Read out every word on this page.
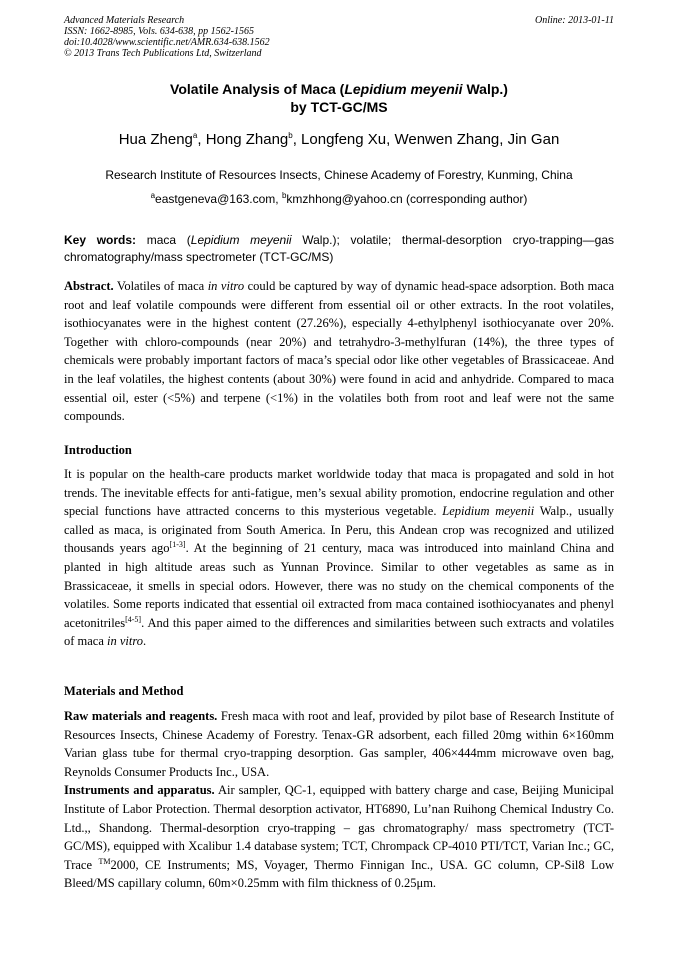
Advanced Materials Research
ISSN: 1662-8985, Vols. 634-638, pp 1562-1565
doi:10.4028/www.scientific.net/AMR.634-638.1562
© 2013 Trans Tech Publications Ltd, Switzerland
Online: 2013-01-11
Volatile Analysis of Maca (Lepidium meyenii Walp.)
by TCT-GC/MS
Hua Zheng$^a$, Hong Zhang$^b$, Longfeng Xu, Wenwen Zhang, Jin Gan
Research Institute of Resources Insects, Chinese Academy of Forestry, Kunming, China
$^a$eastgeneva@163.com, $^b$kmzhhong@yahoo.cn (corresponding author)
Key words: maca (Lepidium meyenii Walp.); volatile; thermal-desorption cryo-trapping—gas chromatography/mass spectrometer (TCT-GC/MS)
Abstract. Volatiles of maca in vitro could be captured by way of dynamic head-space adsorption. Both maca root and leaf volatile compounds were different from essential oil or other extracts. In the root volatiles, isothiocyanates were in the highest content (27.26%), especially 4-ethylphenyl isothiocyanate over 20%. Together with chloro-compounds (near 20%) and tetrahydro-3-methylfuran (14%), the three types of chemicals were probably important factors of maca’s special odor like other vegetables of Brassicaceae. And in the leaf volatiles, the highest contents (about 30%) were found in acid and anhydride. Compared to maca essential oil, ester (<5%) and terpene (<1%) in the volatiles both from root and leaf were not the same compounds.
Introduction
It is popular on the health-care products market worldwide today that maca is propagated and sold in hot trends. The inevitable effects for anti-fatigue, men’s sexual ability promotion, endocrine regulation and other special functions have attracted concerns to this mysterious vegetable. Lepidium meyenii Walp., usually called as maca, is originated from South America. In Peru, this Andean crop was recognized and utilized thousands years ago[1-3]. At the beginning of 21 century, maca was introduced into mainland China and planted in high altitude areas such as Yunnan Province. Similar to other vegetables as same as in Brassicaceae, it smells in special odors. However, there was no study on the chemical components of the volatiles. Some reports indicated that essential oil extracted from maca contained isothiocyanates and phenyl acetonitriles[4-5]. And this paper aimed to the differences and similarities between such extracts and volatiles of maca in vitro.
Materials and Method

Raw materials and reagents. Fresh maca with root and leaf, provided by pilot base of Research Institute of Resources Insects, Chinese Academy of Forestry. Tenax-GR adsorbent, each filled 20mg within 6×160mm Varian glass tube for thermal cryo-trapping desorption. Gas sampler, 406×444mm microwave oven bag, Reynolds Consumer Products Inc., USA.

Instruments and apparatus. Air sampler, QC-1, equipped with battery charge and case, Beijing Municipal Institute of Labor Protection. Thermal desorption activator, HT6890, Lu’nan Ruihong Chemical Industry Co. Ltd.,, Shandong. Thermal-desorption cryo-trapping – gas chromatography/ mass spectrometry (TCT-GC/MS), equipped with Xcalibur 1.4 database system; TCT, Chrompack CP-4010 PTI/TCT, Varian Inc.; GC, Trace ™2000, CE Instruments; MS, Voyager, Thermo Finnigan Inc., USA. GC column, CP-Sil8 Low Bleed/MS capillary column, 60m×0.25mm with film thickness of 0.25μm.
